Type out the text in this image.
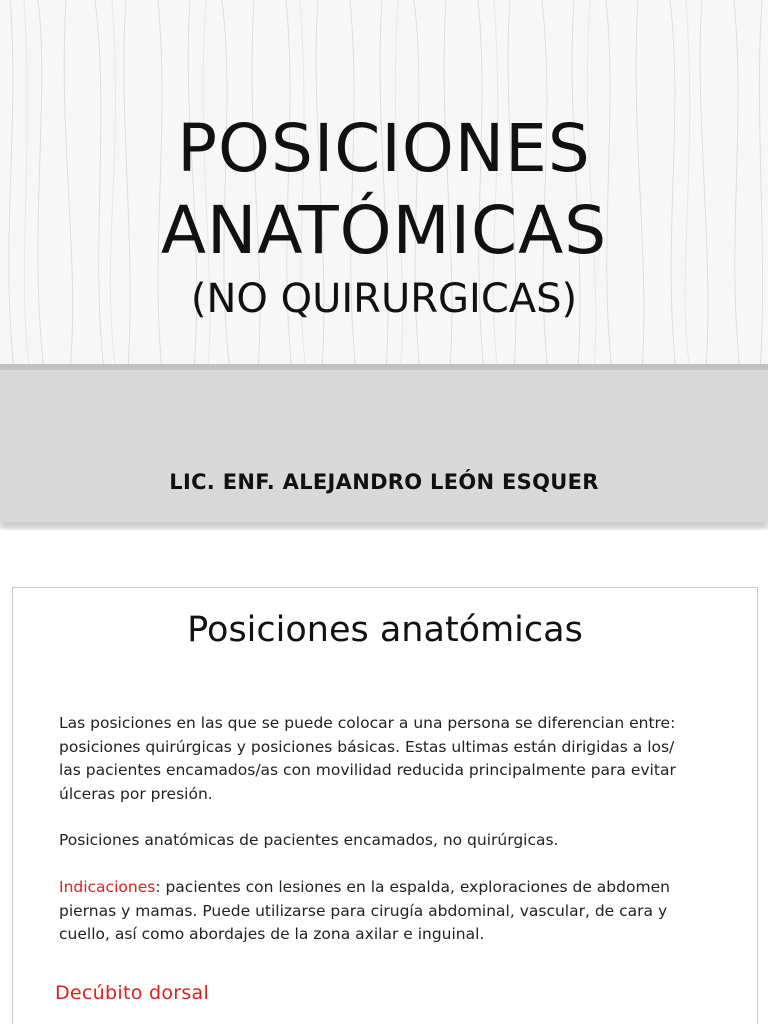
POSICIONES
ANATÓMICAS
(NO QUIRURGICAS)
LIC. ENF. ALEJANDRO LEÓN ESQUER
Posiciones anatómicas
Las posiciones en las que se puede colocar a una persona se diferencian entre: posiciones quirúrgicas y posiciones básicas. Estas ultimas están dirigidas a los/ las pacientes encamados/as con movilidad reducida principalmente para evitar úlceras por presión.
Posiciones anatómicas de pacientes encamados, no quirúrgicas.
Indicaciones: pacientes con lesiones en la espalda, exploraciones de abdomen piernas y mamas. Puede utilizarse para cirugía abdominal, vascular, de cara y cuello, así como abordajes de la zona axilar e inguinal.
Decúbito dorsal
